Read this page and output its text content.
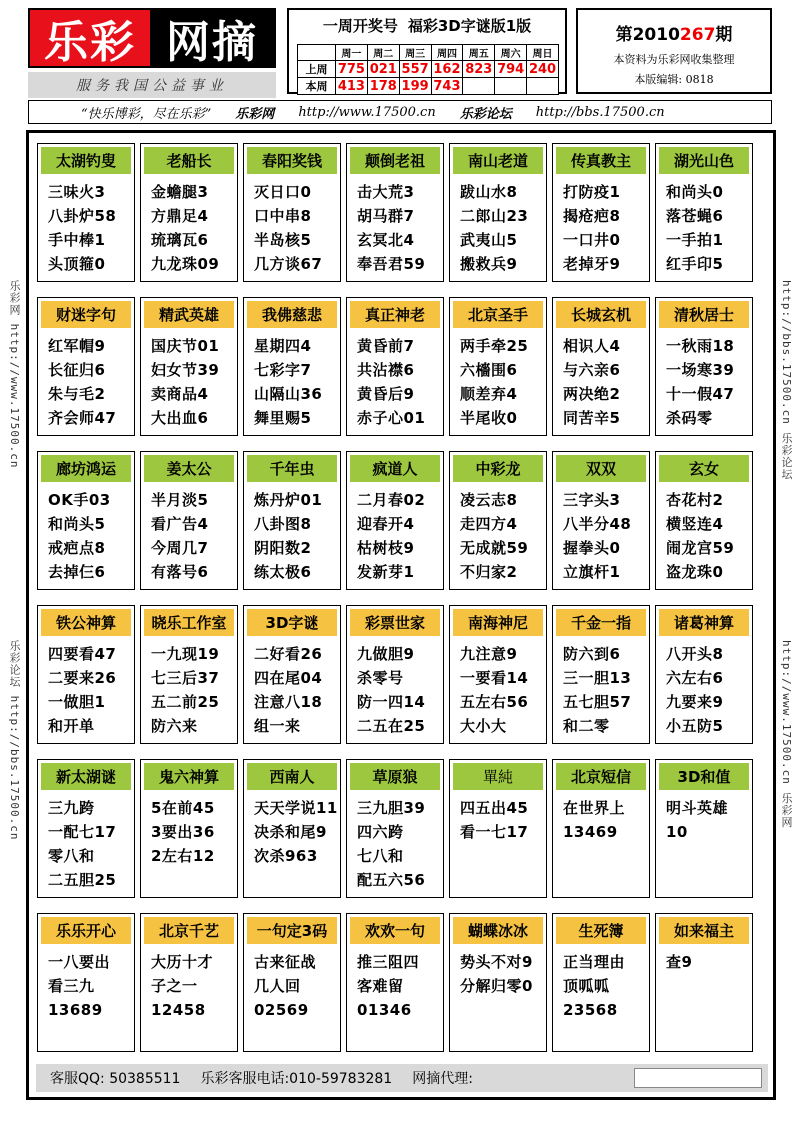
乐彩 网摘
服务我国公益事业
一周开奖号 福彩3D字谜版1版
	周一	周二	周三	周四	周五	周六	周日
上周	775	021	557	162	823	794	240
本周	413	178	199	743			
第2010267期
本资料为乐彩网收集整理
本版编辑: 0818
“快乐博彩，尽在乐彩” 乐彩网 http://www.17500.cn 乐彩论坛 http://bbs.17500.cn
乐彩网 http://www.17500.cn
乐彩论坛 http://bbs.17500.cn
http://bbs.17500.cn 乐彩论坛
http://www.17500.cn 乐彩网
太湖钓叟
三味火3
八卦炉58
手中棒1
头顶箍0
老船长
金蟾腿3
方鼎足4
琉璃瓦6
九龙珠09
春阳奖钱
灭日口0
口中串8
半岛核5
几方谈67
颠倒老祖
击大荒3
胡马群7
玄冥北4
奉吾君59
南山老道
跋山水8
二郎山23
武夷山5
搬救兵9
传真教主
打防疫1
揭疮疤8
一口井0
老掉牙9
湖光山色
和尚头0
落苍蝇6
一手拍1
红手印5
财迷字句
红军帽9
长征归6
朱与毛2
齐会师47
精武英雄
国庆节01
妇女节39
卖商品4
大出血6
我佛慈悲
星期四4
七彩字7
山隔山36
舞里赐5
真正神老
黄昏前7
共沾襟6
黄昏后9
赤子心01
北京圣手
两手牵25
六檣围6
顺差弃4
半尾收0
长城玄机
相识人4
与六亲6
两决绝2
同苦辛5
清秋居士
一秋雨18
一场寒39
十一假47
杀码零
廊坊鸿运
OK手03
和尚头5
戒疤点8
去掉仨6
姜太公
半月淡5
看广告4
今周几7
有落号6
千年虫
炼丹炉01
八卦图8
阴阳数2
练太极6
疯道人
二月春02
迎春开4
枯树枝9
发新芽1
中彩龙
凌云志8
走四方4
无成就59
不归家2
双双
三字头3
八半分48
握拳头0
立旗杆1
玄女
杏花村2
横竖连4
闹龙宫59
盗龙珠0
铁公神算
四要看47
二要来26
一做胆1
和开单
晓乐工作室
一九现19
七三后37
五二前25
防六来
3D字谜
二好看26
四在尾04
注意八18
组一来
彩票世家
九做胆9
杀零号
防一四14
二五在25
南海神尼
九注意9
一要看14
五左右56
大小大
千金一指
防六到6
三一胆13
五七胆57
和二零
诸葛神算
八开头8
六左右6
九要来9
小五防5
新太湖谜
三九跨
一配七17
零八和
二五胆25
鬼六神算
5在前45
3要出36
2左右12
西南人
天天学说11
决杀和尾9
次杀963
草原狼
三九胆39
四六跨
七八和
配五六56
單純
四五出45
看一七17
北京短信
在世界上
13469
3D和值
明斗英雄
10
乐乐开心
一八要出
看三九
13689
北京千艺
大历十才
子之一
12458
一句定3码
古来征战
几人回
02569
欢欢一句
推三阻四
客难留
01346
蝴蝶冰冰
势头不对9
分解归零0
生死簿
正当理由
顶呱呱
23568
如来福主
查9
客服QQ: 50385511 乐彩客服电话:010-59783281 网摘代理:
